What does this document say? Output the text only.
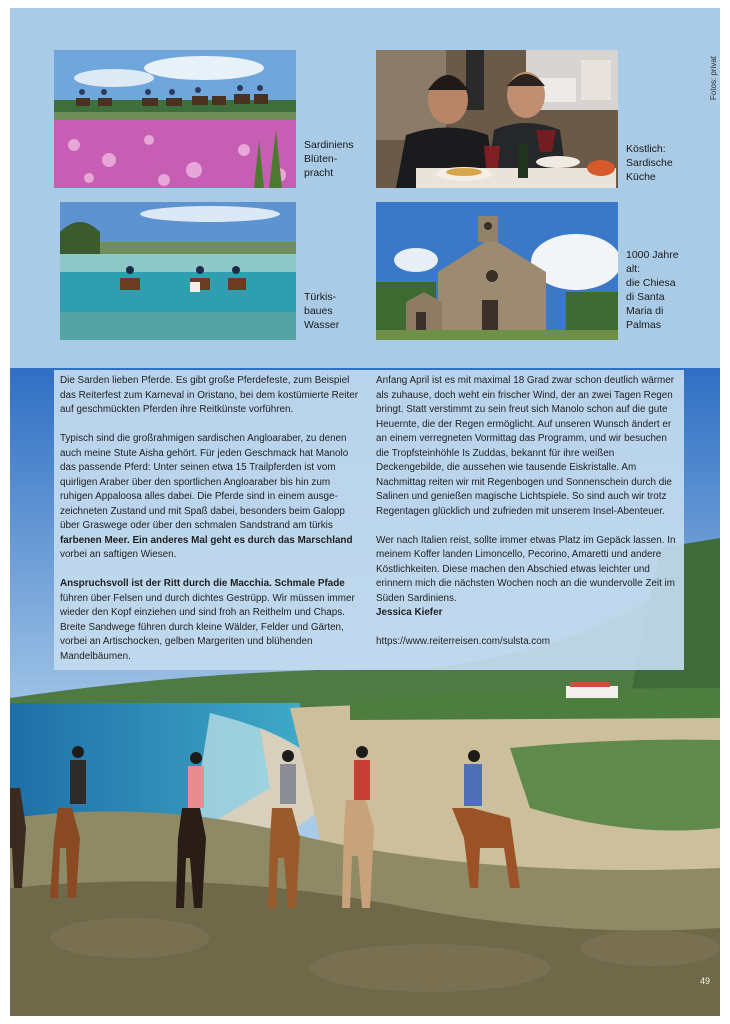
Sardiniens
Blüten-
pracht
Köstlich:
Sardische
Küche
Türkis-
baues
Wasser
1000 Jahre
alt:
die Chiesa
di Santa
Maria di
Palmas
Fotos: privat

Die Sarden lieben Pferde. Es gibt große Pferdefeste, zum Beispiel das Reiterfest zum Karneval in Oristano, bei dem kostümierte Reiter auf geschmückten Pferden ihre Reitkünste vorführen.

Typisch sind die großrahmigen sardischen Angloaraber, zu denen auch meine Stute Aisha gehört. Für jeden Geschmack hat Manolo das passende Pferd: Unter seinen etwa 15 Trailpferden ist vom quirligen Araber über den sportlichen Angloaraber bis hin zum ruhigen Appaloosa alles dabei. Die Pferde sind in einem ausgezeichneten Zustand und mit Spaß dabei, besonders beim Galopp über Graswege oder über den schmalen Sandstrand am türkis
farbenen Meer. Ein anderes Mal geht es durch das Marschland
vorbei an saftigen Wiesen.

Anspruchsvoll ist der Ritt durch die Macchia. Schmale Pfade
führen über Felsen und durch dichtes Gestrüpp. Wir müssen immer wieder den Kopf einziehen und sind froh an Reithelm und Chaps. Breite Sandwege führen durch kleine Wälder, Felder und Gärten, vorbei an Artischocken, gelben Margeriten und blühenden Mandelbäumen.

Anfang April ist es mit maximal 18 Grad zwar schon deutlich wärmer als zuhause, doch weht ein frischer Wind, der an zwei Tagen Regen bringt. Statt verstimmt zu sein freut sich Manolo schon auf die gute Heuernte, die der Regen ermöglicht. Auf unseren Wunsch ändert er an einem verregneten Vormittag das Programm, und wir besuchen die Tropfsteinhöhle Is Zuddas, bekannt für ihre weißen Deckengebilde, die aussehen wie tausende Eiskristalle. Am Nachmittag reiten wir mit Regenbogen und Sonnenschein durch die Salinen und genießen magische Lichtspiele. So sind auch wir trotz Regentagen glücklich und zufrieden mit unserem Insel-Abenteuer.

Wer nach Italien reist, sollte immer etwas Platz im Gepäck lassen. In meinem Koffer landen Limoncello, Pecorino, Amaretti und andere Köstlichkeiten. Diese machen den Abschied etwas leichter und erinnern mich die nächsten Wochen noch an die wundervolle Zeit im Süden Sardiniens.
Jessica Kiefer

https://www.reiterreisen.com/sulsta.com

49
